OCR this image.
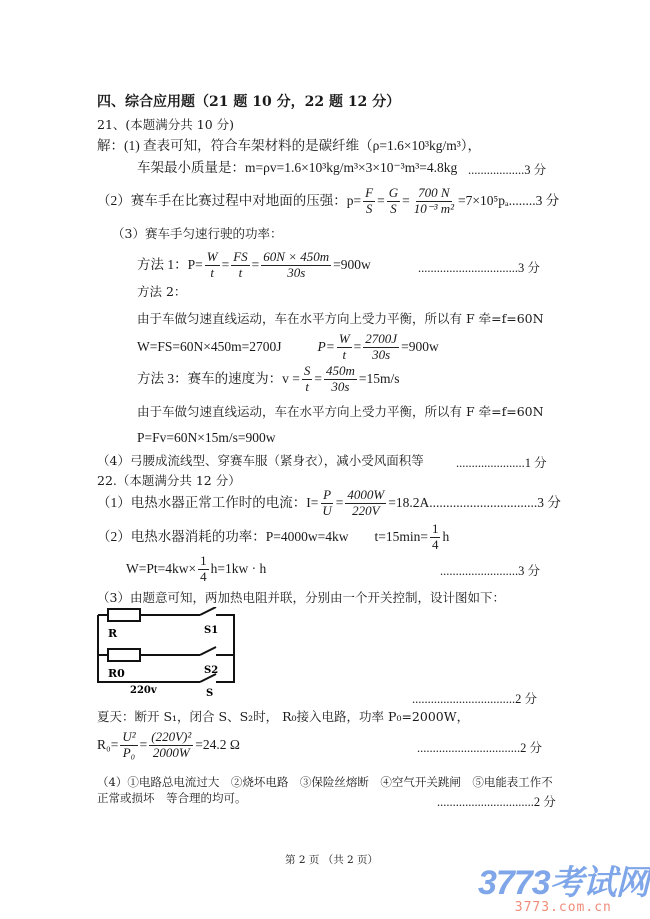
四、综合应用题（21 题 10 分，22 题 12 分）
21、(本题满分共 10 分)
解：(1) 查表可知，符合车架材料的是碳纤维（ρ=1.6×10³kg/m³），
车架最小质量是：m=ρv=1.6×10³kg/m³×3×10⁻³m³=4.8kg ..................3 分
（2）赛车手在比赛过程中对地面的压强：$p= \frac{F}{S} = \frac{G}{S} = \frac{700 N}{\text{10⁻³ m²}} =7\times 10^5p_a$ ........3 分
（3）赛车手匀速行驶的功率：
方法 1：$P= \frac{W}{t} = \frac{FS}{t} = \frac{60N \times 450m}{30s} =900w$	................................3 分
方法 2：
由于车做匀速直线运动，车在水平方向上受力平衡，所以有 F 牵=f=60N
W=FS=60N×450m=2700J	$P= \frac{W}{t} = \frac{2700J}{30s} =900w$
方法 3：赛车的速度为：$v = \frac{S}{t} = \frac{450m}{30s} =15m/s$
由于车做匀速直线运动，车在水平方向上受力平衡，所以有 F 牵=f=60N
P=Fv=60N×15m/s=900w
（4）弓腰成流线型、穿赛车服（紧身衣），减小受风面积等	......................1 分
22.（本题满分共 12 分）
（1）电热水器正常工作时的电流：$I= \frac{P}{U} = \frac{4000W}{220V} =18.2A$ ................................3 分
（2）电热水器消耗的功率：P=4000w=4kw $t=15\min= \frac{1}{4}$ h
$W=Pt=4kw\times \frac{1}{4} h=1kw \cdot h$	.........................3 分
（3）由题意可知，两加热电阻并联，分别由一个开关控制，设计图如下：
R
R0
S1
S2
S
220v
.................................2 分
夏天：断开 S₁，闭合 S、S₂时， R₀接入电路，功率 P₀=2000W，
$R_0= \frac{\text{U²}}{\text{P₀}} = \frac{\text{(220V)²}}{2000W} =24.2$ Ω	.................................2 分
（4）①电路总电流过大　②烧坏电路　③保险丝熔断　④空气开关跳闸　⑤电能表工作不
正常或损坏　等合理的均可。	...............................2 分
第 2 页 （共 2 页）
3773考试网
3773.com.cn
